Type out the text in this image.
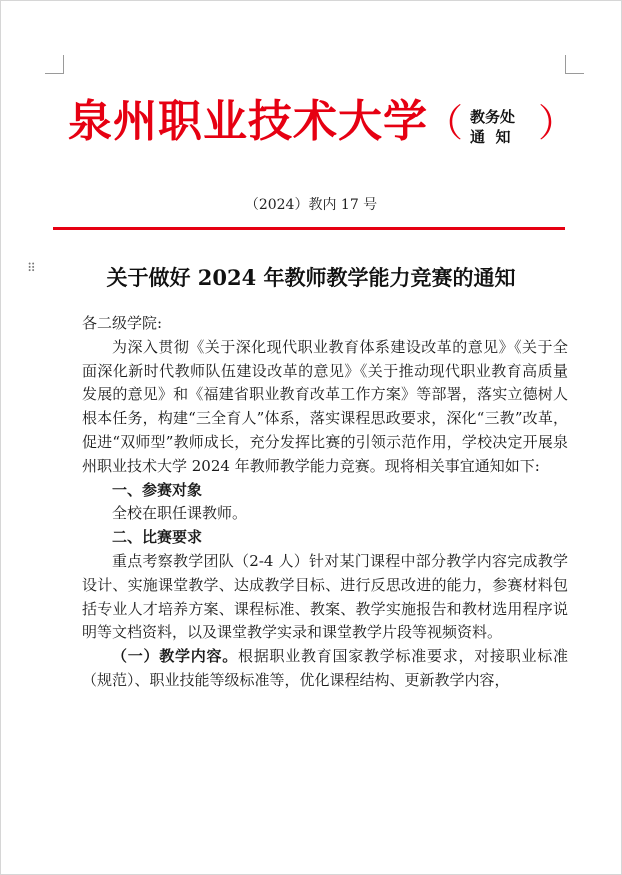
泉州职业技术大学
（ 教务处
通  知 ）
（2024）教内 17 号
⠿	关于做好 2024 年教师教学能力竞赛的通知

各二级学院:

为深入贯彻《关于深化现代职业教育体系建设改革的意见》《关于全面深化新时代教师队伍建设改革的意见》《关于推动现代职业教育高质量发展的意见》和《福建省职业教育改革工作方案》等部署，落实立德树人根本任务，构建“三全育人”体系，落实课程思政要求，深化“三教”改革，促进“双师型”教师成长，充分发挥比赛的引领示范作用，学校决定开展泉州职业技术大学 2024 年教师教学能力竞赛。现将相关事宜通知如下:

一、参赛对象

全校在职任课教师。

二、比赛要求

重点考察教学团队（2-4 人）针对某门课程中部分教学内容完成教学设计、实施课堂教学、达成教学目标、进行反思改进的能力，参赛材料包括专业人才培养方案、课程标准、教案、教学实施报告和教材选用程序说明等文档资料，以及课堂教学实录和课堂教学片段等视频资料。

（一）教学内容。根据职业教育国家教学标准要求，对接职业标准（规范）、职业技能等级标准等，优化课程结构、更新教学内容，
